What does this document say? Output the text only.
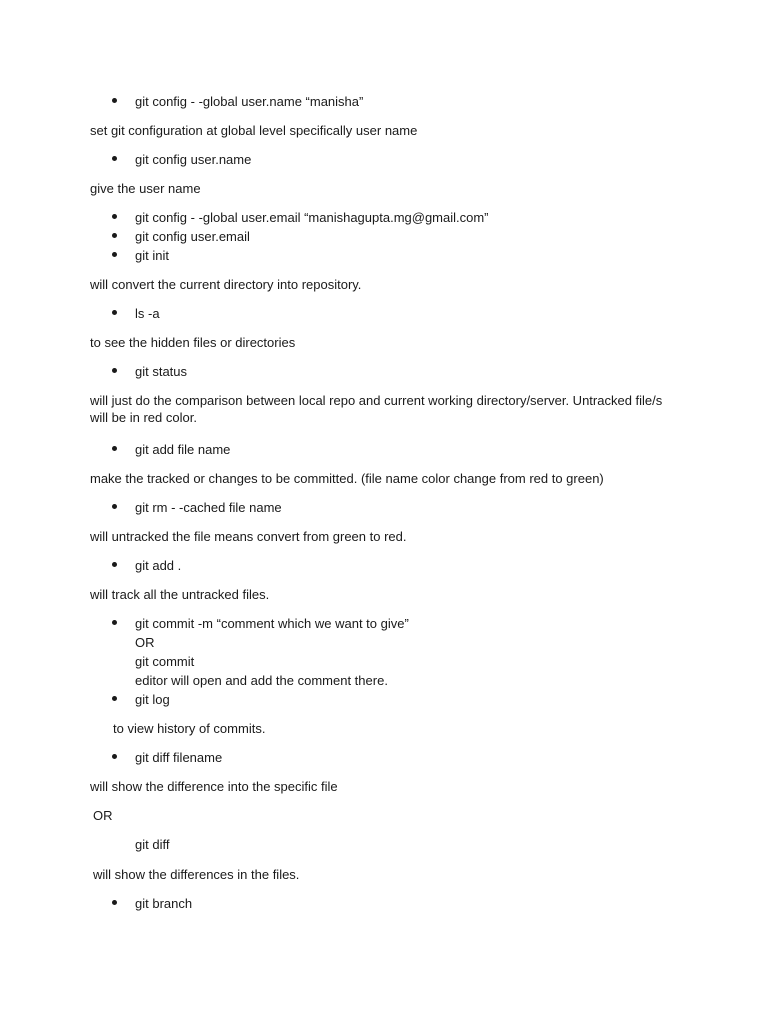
git config - -global user.name “manisha”
set git configuration at global level specifically user name
git config user.name
give the user name
git config - -global user.email “manishagupta.mg@gmail.com”
git config user.email
git init
will convert the current directory into repository.
ls -a
to see the hidden files or directories
git status
will just do the comparison between local repo and current working directory/server. Untracked file/s will be in red color.
git add file name
make the tracked or changes to be committed. (file name color change from red to green)
git rm - -cached file name
will untracked the file means convert from green to red.
git add .
will track all the untracked files.
git commit -m “comment which we want to give”
OR
git commit
editor will open and add the comment there.
git log
to view history of commits.
git diff filename
will show the difference into the specific file
OR
git diff
will show the differences in the files.
git branch
